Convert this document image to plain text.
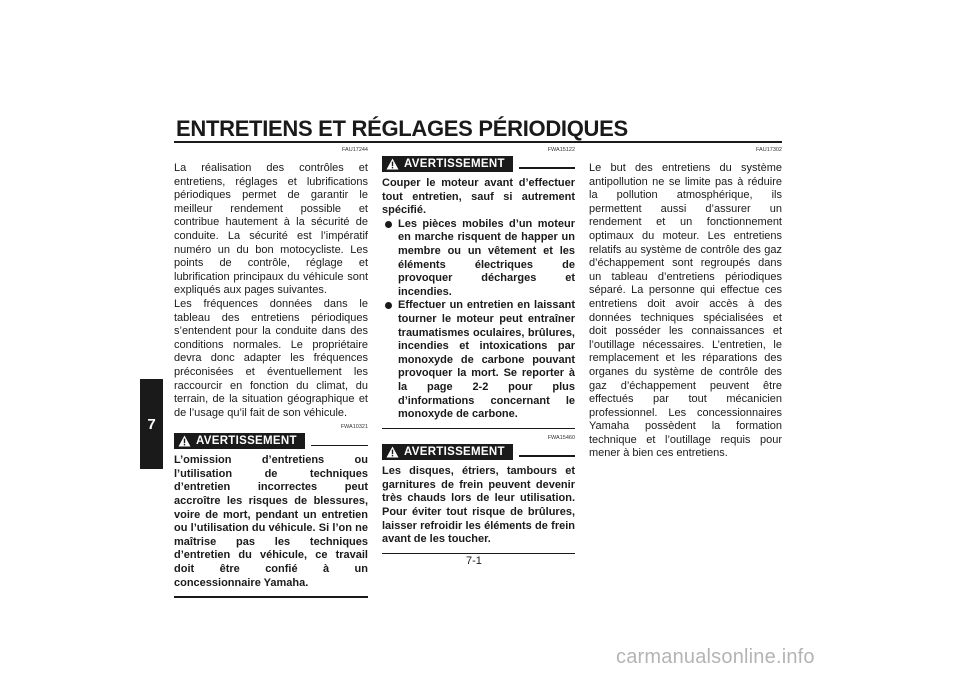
ENTRETIENS ET RÉGLAGES PÉRIODIQUES
7
FAU17244

La réalisation des contrôles et entretiens, réglages et lubrifications périodiques permet de garantir le meilleur rendement possible et contribue hautement à la sécurité de conduite. La sécurité est l’impératif numéro un du bon motocycliste. Les points de contrôle, réglage et lubrification principaux du véhicule sont expliqués aux pages suivantes.

Les fréquences données dans le tableau des entretiens périodiques s’entendent pour la conduite dans des conditions normales. Le propriétaire devra donc adapter les fréquences préconisées et éventuellement les raccourcir en fonction du climat, du terrain, de la situation géographique et de l’usage qu’il fait de son véhicule.

FWA10321
AVERTISSEMENT

L’omission d’entretiens ou l’utilisation de techniques d’entretien incorrectes peut accroître les risques de blessures, voire de mort, pendant un entretien ou l’utilisation du véhicule. Si l’on ne maîtrise pas les techniques d’entretien du véhicule, ce travail doit être confié à un concessionnaire Yamaha.

FWA15122
AVERTISSEMENT

Couper le moteur avant d’effectuer tout entretien, sauf si autrement spécifié.

Les pièces mobiles d’un moteur en marche risquent de happer un membre ou un vêtement et les éléments électriques de provoquer décharges et incendies.
Effectuer un entretien en laissant tourner le moteur peut entraîner traumatismes oculaires, brûlures, incendies et intoxications par monoxyde de carbone pouvant provoquer la mort. Se reporter à la page 2-2 pour plus d’informations concernant le monoxyde de carbone.
FWA15460
AVERTISSEMENT

Les disques, étriers, tambours et garnitures de frein peuvent devenir très chauds lors de leur utilisation. Pour éviter tout risque de brûlures, laisser refroidir les éléments de frein avant de les toucher.

FAU17302

Le but des entretiens du système antipollution ne se limite pas à réduire la pollution atmosphérique, ils permettent aussi d’assurer un rendement et un fonctionnement optimaux du moteur. Les entretiens relatifs au système de contrôle des gaz d’échappement sont regroupés dans un tableau d’entretiens périodiques séparé. La personne qui effectue ces entretiens doit avoir accès à des données techniques spécialisées et doit posséder les connaissances et l’outillage nécessaires. L’entretien, le remplacement et les réparations des organes du système de contrôle des gaz d’échappement peuvent être effectués par tout mécanicien professionnel. Les concessionnaires Yamaha possèdent la formation technique et l’outillage requis pour mener à bien ces entretiens.

7-1
carmanualsonline.info
